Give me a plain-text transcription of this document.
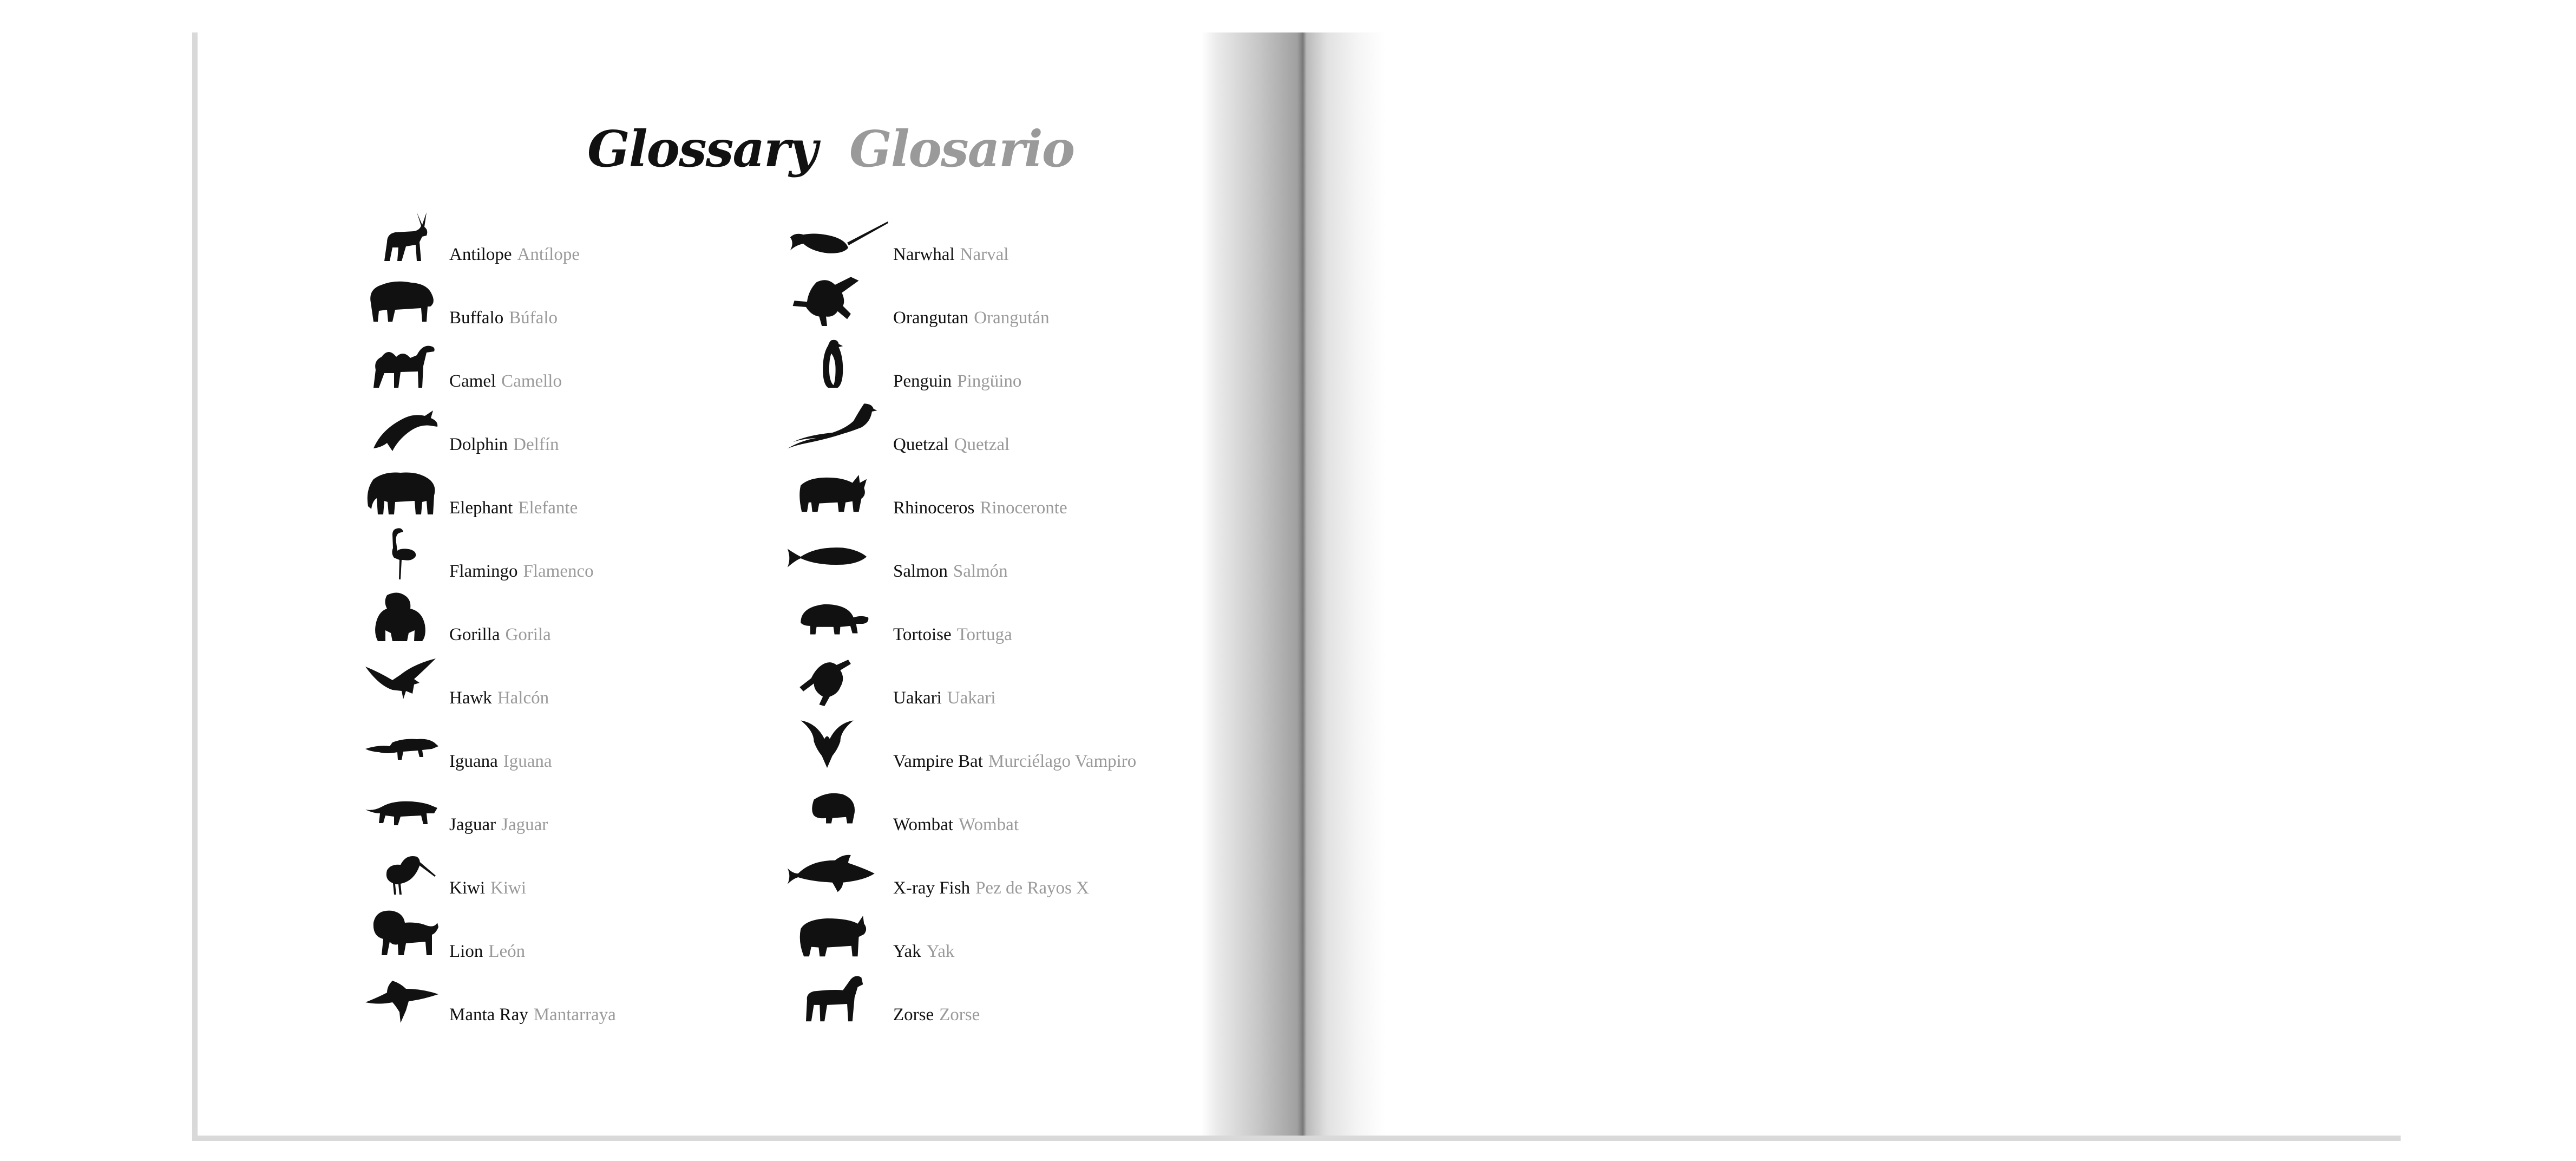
Glossary Glosario
Antilope Antílope
Buffalo Búfalo
Camel Camello
Dolphin Delfín
Elephant Elefante
Flamingo Flamenco
Gorilla Gorila
Hawk Halcón
Iguana Iguana
Jaguar Jaguar
Kiwi Kiwi
Lion León
Manta Ray Mantarraya
Narwhal Narval
Orangutan Orangután
Penguin Pingüino
Quetzal Quetzal
Rhinoceros Rinoceronte
Salmon Salmón
Tortoise Tortuga
Uakari Uakari
Vampire Bat Murciélago Vampiro
Wombat Wombat
X-ray Fish Pez de Rayos X
Yak Yak
Zorse Zorse
